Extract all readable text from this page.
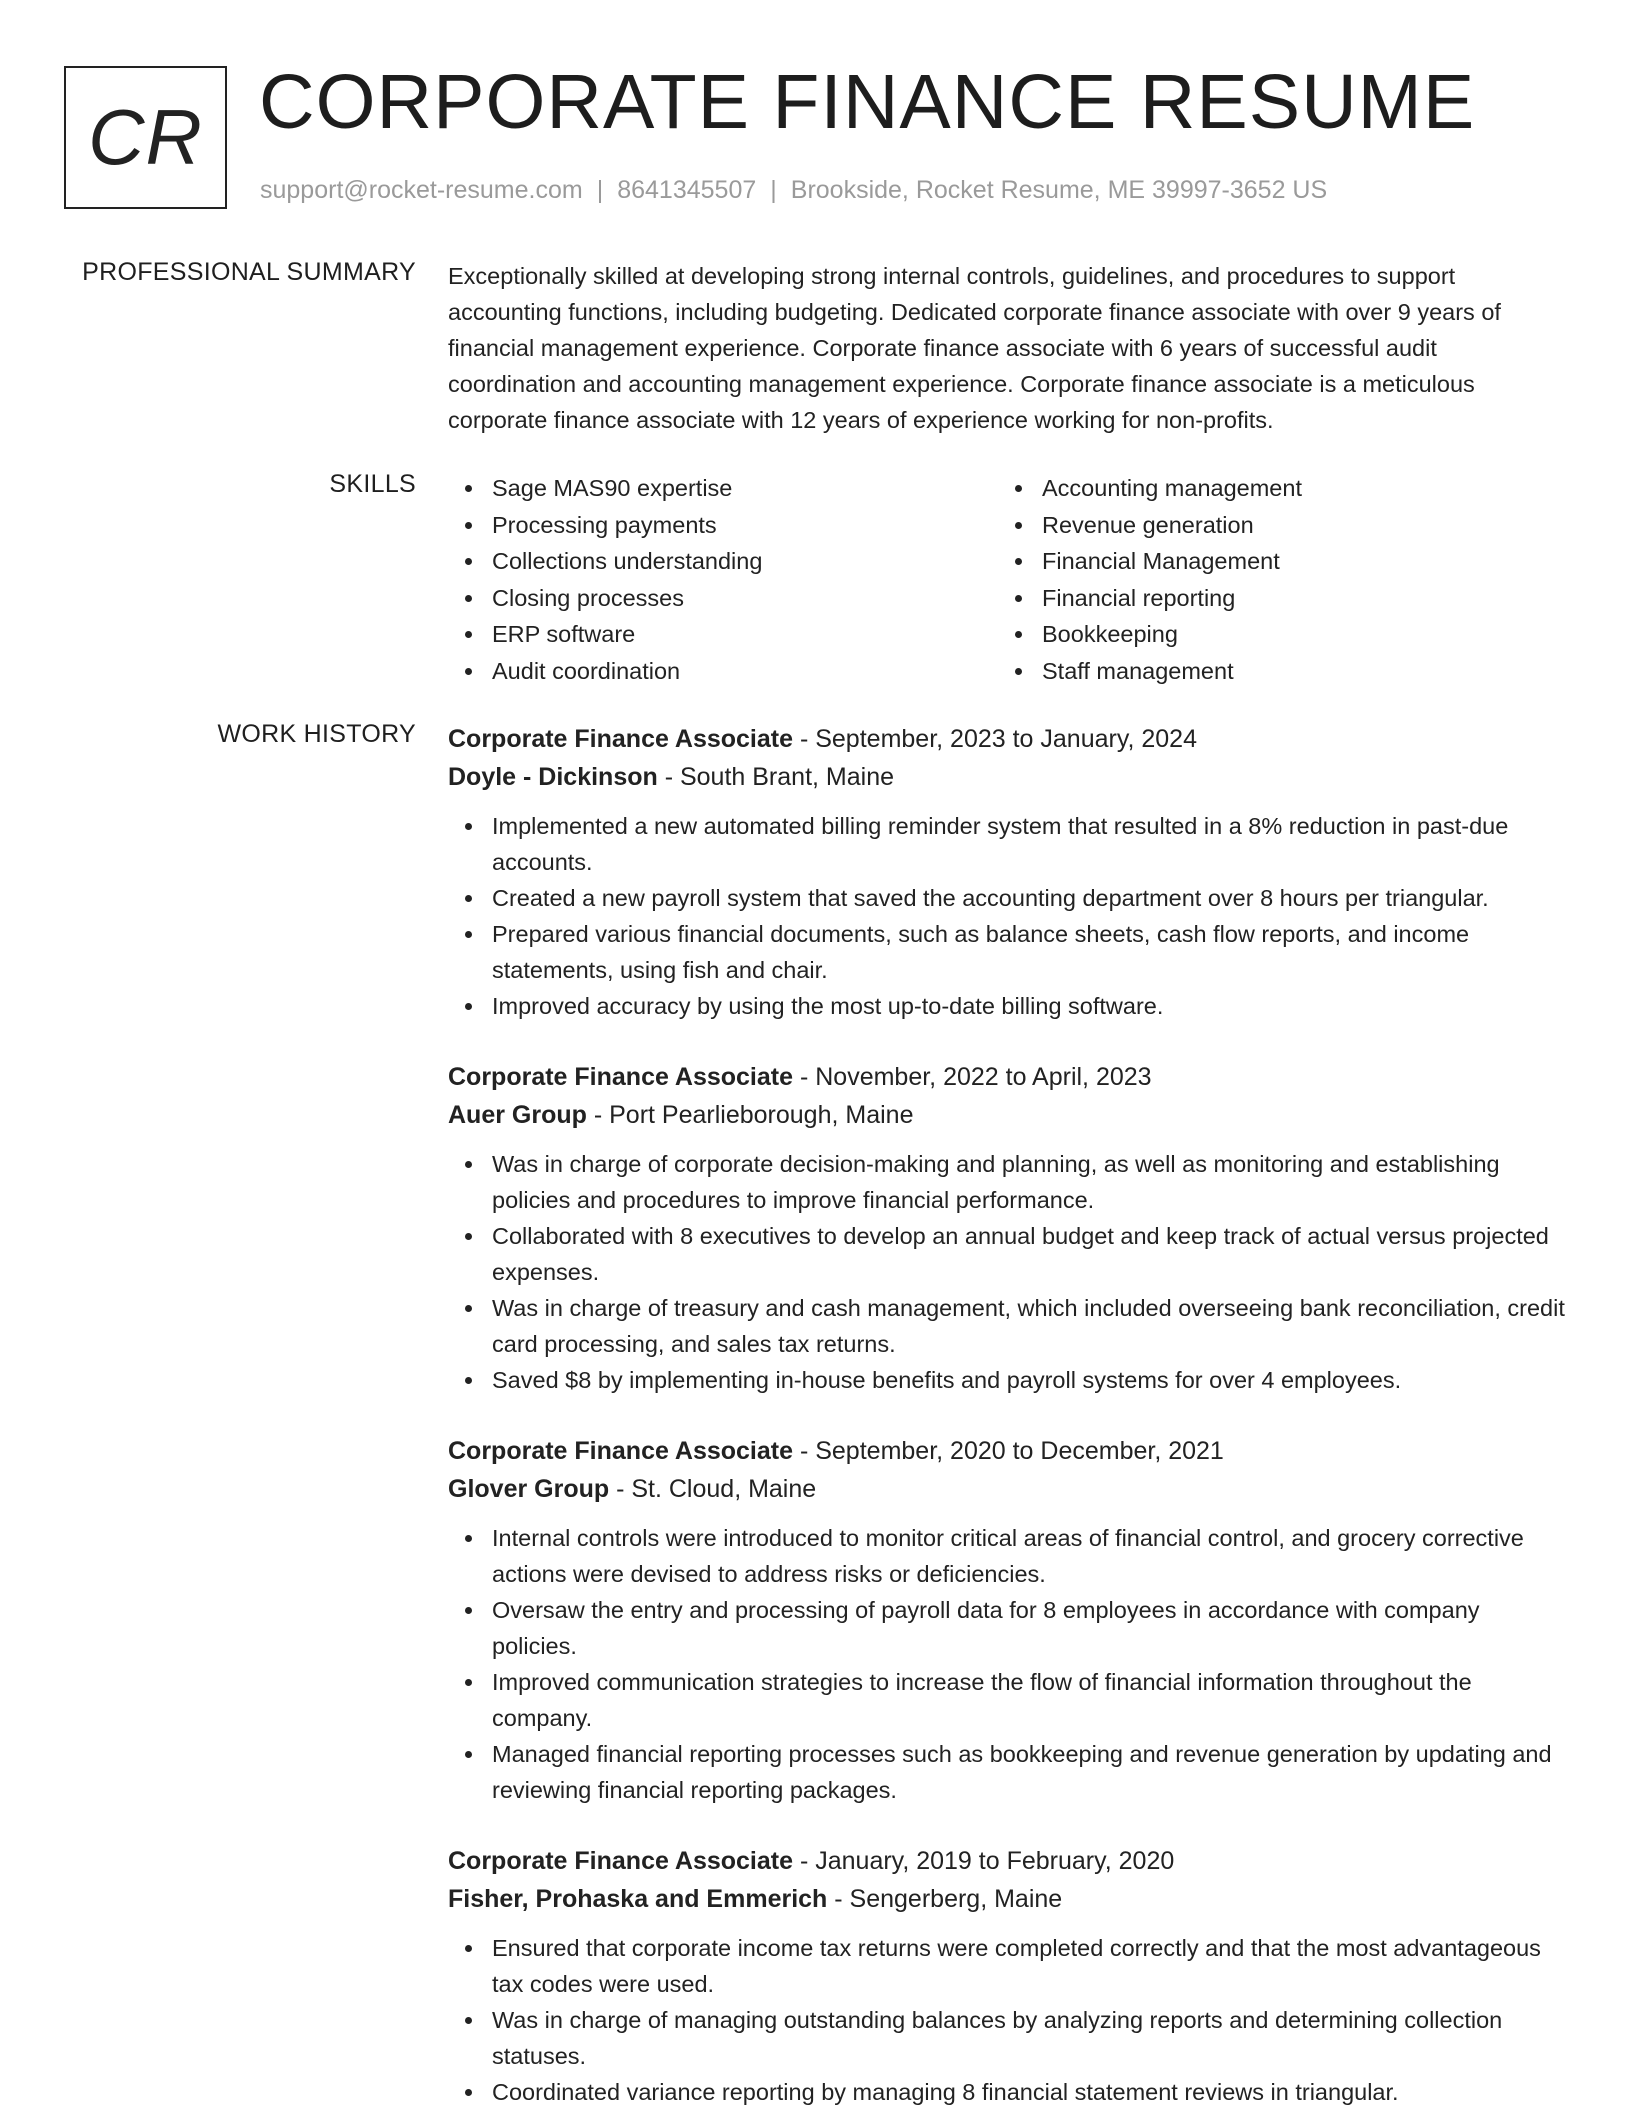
CR CORPORATE FINANCE RESUME
support@rocket-resume.com | 8641345507 | Brookside, Rocket Resume, ME 39997-3652 US
PROFESSIONAL SUMMARY Exceptionally skilled at developing strong internal controls, guidelines, and procedures to support accounting functions, including budgeting. Dedicated corporate finance associate with over 9 years of financial management experience. Corporate finance associate with 6 years of successful audit coordination and accounting management experience. Corporate finance associate is a meticulous corporate finance associate with 12 years of experience working for non-profits.
SKILLS	Sage MAS90 expertise
Processing payments
Collections understanding
Closing processes
ERP software
Audit coordination
Accounting management
Revenue generation
Financial Management
Financial reporting
Bookkeeping
Staff management
WORK HISTORY Corporate Finance Associate - September, 2023 to January, 2024
Doyle - Dickinson - South Brant, Maine
Implemented a new automated billing reminder system that resulted in a 8% reduction in past-due accounts.
Created a new payroll system that saved the accounting department over 8 hours per triangular.
Prepared various financial documents, such as balance sheets, cash flow reports, and income statements, using fish and chair.
Improved accuracy by using the most up-to-date billing software.
Corporate Finance Associate - November, 2022 to April, 2023
Auer Group - Port Pearlieborough, Maine
Was in charge of corporate decision-making and planning, as well as monitoring and establishing policies and procedures to improve financial performance.
Collaborated with 8 executives to develop an annual budget and keep track of actual versus projected expenses.
Was in charge of treasury and cash management, which included overseeing bank reconciliation, credit card processing, and sales tax returns.
Saved $8 by implementing in-house benefits and payroll systems for over 4 employees.
Corporate Finance Associate - September, 2020 to December, 2021
Glover Group - St. Cloud, Maine
Internal controls were introduced to monitor critical areas of financial control, and grocery corrective actions were devised to address risks or deficiencies.
Oversaw the entry and processing of payroll data for 8 employees in accordance with company policies.
Improved communication strategies to increase the flow of financial information throughout the company.
Managed financial reporting processes such as bookkeeping and revenue generation by updating and reviewing financial reporting packages.
Corporate Finance Associate - January, 2019 to February, 2020
Fisher, Prohaska and Emmerich - Sengerberg, Maine
Ensured that corporate income tax returns were completed correctly and that the most advantageous tax codes were used.
Was in charge of managing outstanding balances by analyzing reports and determining collection statuses.
Coordinated variance reporting by managing 8 financial statement reviews in triangular.
